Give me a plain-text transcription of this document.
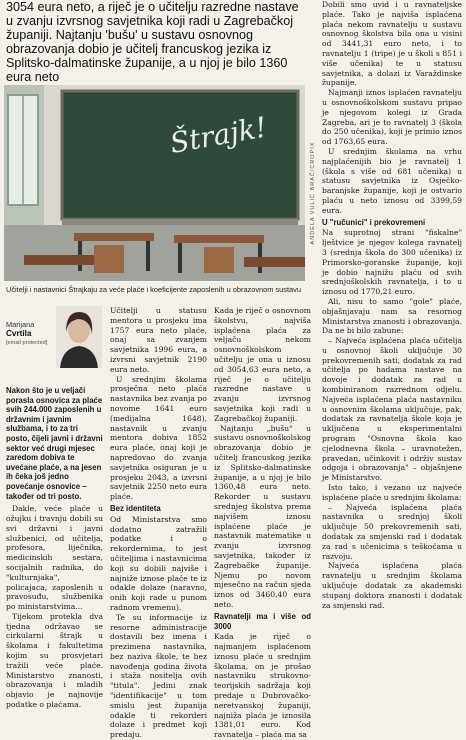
3054 eura neto, a riječ je o učitelju razredne nastave u zvanju izvrsnog savjetnika koji radi u Zagrebačkoj županiji. Najtanju 'bušu' u sustavu osnovnog obrazovanja dobio je učitelj francuskog jezika iz Splitsko-dalmatinske županije, a u njoj je bilo 1360 eura neto
Štrajk!
Učitelji i nastavnici Štrajkaju za veće plaće i koeficijente zaposlenih u obrazovnom sustavu
ANDELA VULIĆ BRAČ/CROPIX
Marijana
Cvrtila
[email protected]
Nakon što je u veljači porasla osnovica za plaće svih 244.000 zaposlenih u državnim i javnim službama, i to za tri posto, čijeli javni i državni sektor već drugi mjesec zaredom dobiva te uvećane plaće, a na jesen ih čeka još jedno povećanje osnovice – također od tri posto.

Dakle, veće plaće u ožujku i travnju dobili su svi državni i javni službenici, od učitelja, profesora, liječnika, medicinskih sestara, socijalnih radnika, do "kulturnjaka", policajaca, zaposlenih u pravosuđu, službenika po ministarstvima...

Tijekom protekla dva tjedna održavao se cirkularni štrajk u školama i fakultetima kojim su prosvjetari tražili veće plaće. Ministarstvo znanosti, obrazovanja i mladih objavio je najnovije podatke o plaćama.

Učitelji u statusu mentora u prosjeku ima 1757 eura neto plaće, onaj sa zvanjem savjetnika 1996 eura, a izvrsni savjetnik 2190 eura neto.

U srednjim školama prosječna neto plaća nastavnika bez zvanja po novome 1641 euro (medijalna 1648), nastavnik u zvanju mentora dobiva 1852 eura plaće, onaj koji je napredovao do zvanja savjetnika osiguran je u prosjeku 2043, a izvrsni savjetnik 2250 neto eura plaće.

Bez identiteta

Od Ministarstva smo dodatno zatražili podatke i o rekordernima, to jest učiteljima i nastavnicima koji su dobili najviše i najniže iznose plaće te iz odakle dolaze (naravno, onih koji rade u punom radnom vremenu).

Te su informacije iz resorne administracije dostavili bez imena i prezimena nastavnika, bez naziva škole, te bez navođenja godina života i staža nositelja ovih "titula". Jedini znak "identifikacije" u tom smislu jest županija odakle ti rekorderi dolaze i predmet koji predaju.

Kada je riječ o osnovnom školstvu, najviša isplaćena plaća za veljaču nekom osnovnoškolskom učitelju je ona u iznosu od 3054,63 eura neto, a riječ je o učitelju razredne nastave u zvanju izvrsnog savjetnika koji radi u Zagrebačkoj županiji.

Najtanju „bušu" u sustavu osnovnoškolskog obrazovanja dobio je učitelj francuskog jezika iz Splitsko-dalmatinske županije, a u njoj je bilo 1360,48 eura neto. Rekorder u sustavu srednjeg školstva prema najvišem iznosu isplaćene plaće je nastavnik matematike u zvanju izvrsnog savjetnika, također iz Zagrebačke županije. Njemu po novom mjesečno na račun sjeda iznos od 3460,40 eura neto.

Ravnatelji ma i više od 3000

Kada je riječ o najmanjem isplaćenom iznosu plaće u srednjim školama, on je prošao nastavniku strukovno-teorijskih sadržaja koji predaje u Dubrovačko-neretvanskoj županiji, najniža plaća je iznosila 1381,01 euro. Kod ravnatelja – plaća ma sa

Dobili smo uvid i u ravnateljske plaće. Tako je najviša isplaćena plaća nekom ravnatelju u sustavu osnovnog školstva bila ona u visini od 3441,31 euro neto, i to ravnatelju 1 (tripe) je u školi s 851 i više učenika) te u statusu savjetnika, a dolazi iz Varaždinske županije.

Najmanji iznos isplaćen ravnatelju u osnovnoškolskom sustavu pripao je njegovom kolegi iz Grada Zagreba, ari je to ravnatelj 3 (škola do 250 učenika), koji je primio iznos od 1763,65 eura.

U srednjim školama na vrhu najplaćenijih bio je ravnatelj 1 (škola s više od 681 učenika) u statusu savjetnika iz Osječko-baranjske županije, koji je ostvario plaću u neto iznosu od 3399,59 eura.

U "ručunici" i prekovremeni

Na suprotnoj strani "fiskalne" lještvice je njegov kolega ravnatelj 3 (srednja škola do 300 učenika) iz Primorsko-goranske županije, koji je dobio najnižu plaću od svih srednjoškolskih ravnatelja, i to u iznosu od 1770,21 euro.

Ali, nisu to samo "gole" plaće, objašnjavaju nam sa resornog Ministarstva znanosti i obrazovanja. Da ne bi bilo zabune:

– Najveća isplaćena plaća učitelja u osnovnoj školi uključuje 30 prekovremenih sati, dodatak za rad učitelja po hadama nastave na dovoje i dodatak za rad u kombiniranom razrednom odjelu. Najveća isplaćena plaća nastavniku u osnovnim školama uključuje, pak, dodatak za ravnatelja škole koja je uključena u eksperimentalni program "Osnovna škola kao cjelodnevna škola – uravnotežen, pravedan, učinkovit i održiv sustav odgoja i obrazovanja" – objašnjene je Ministarstvo.

Isto tako, i vezano uz najveće isplaćene plaće u srednjim školama:

– Najveća isplaćena plaća nastavnika u srednjoj školi uključuje 50 prekovremenih sati, dodatak za smjenski rad i dodatak za rad s učenicima s teškoćama u razvoju.

Najveća isplaćena plaća ravnatelju u srednjim školama uključuje dodatak za akademski stupanj doktora znanosti i dodatak za smjenski rad.
